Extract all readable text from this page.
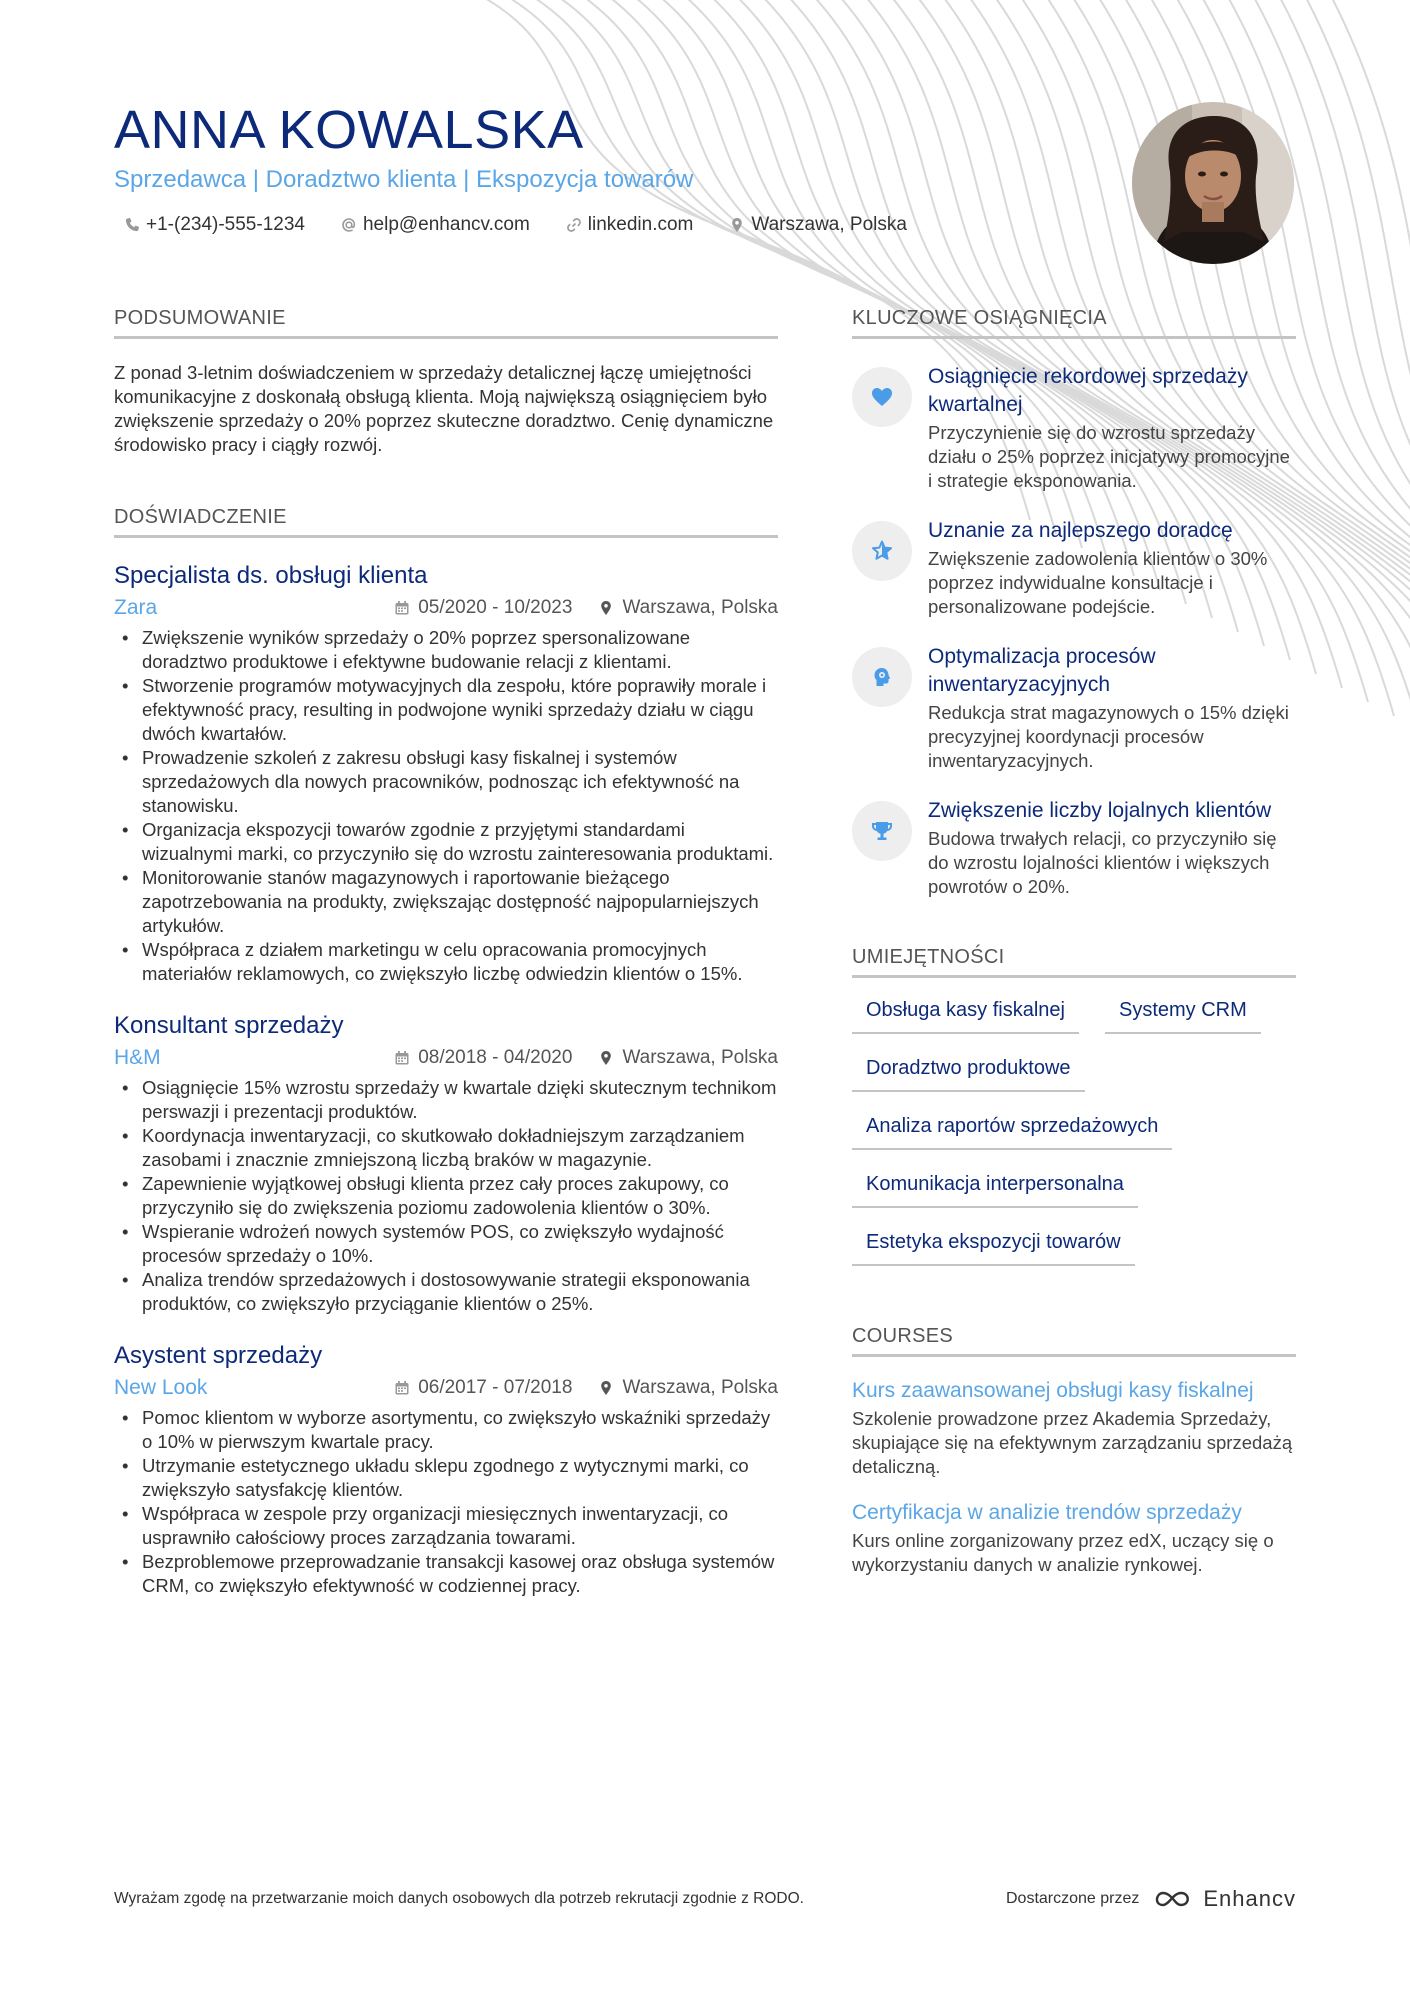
ANNA KOWALSKA
Sprzedawca | Doradztwo klienta | Ekspozycja towarów
+1-(234)-555-1234	help@enhancv.com	linkedin.com	Warszawa, Polska
PODSUMOWANIE

Z ponad 3-letnim doświadczeniem w sprzedaży detalicznej łączę umiejętności komunikacyjne z doskonałą obsługą klienta. Moją największą osiągnięciem było zwiększenie sprzedaży o 20% poprzez skuteczne doradztwo. Cenię dynamiczne środowisko pracy i ciągły rozwój.

DOŚWIADCZENIE
Specjalista ds. obsługi klienta
Zara	05/2020 - 10/2023	Warszawa, Polska
• Zwiększenie wyników sprzedaży o 20% poprzez spersonalizowane doradztwo produktowe i efektywne budowanie relacji z klientami.
• Stworzenie programów motywacyjnych dla zespołu, które poprawiły morale i efektywność pracy, resulting in podwojone wyniki sprzedaży działu w ciągu dwóch kwartałów.
• Prowadzenie szkoleń z zakresu obsługi kasy fiskalnej i systemów sprzedażowych dla nowych pracowników, podnosząc ich efektywność na stanowisku.
• Organizacja ekspozycji towarów zgodnie z przyjętymi standardami wizualnymi marki, co przyczyniło się do wzrostu zainteresowania produktami.
• Monitorowanie stanów magazynowych i raportowanie bieżącego zapotrzebowania na produkty, zwiększając dostępność najpopularniejszych artykułów.
• Współpraca z działem marketingu w celu opracowania promocyjnych materiałów reklamowych, co zwiększyło liczbę odwiedzin klientów o 15%.
Konsultant sprzedaży
H&M	08/2018 - 04/2020	Warszawa, Polska
• Osiągnięcie 15% wzrostu sprzedaży w kwartale dzięki skutecznym technikom perswazji i prezentacji produktów.
• Koordynacja inwentaryzacji, co skutkowało dokładniejszym zarządzaniem zasobami i znacznie zmniejszoną liczbą braków w magazynie.
• Zapewnienie wyjątkowej obsługi klienta przez cały proces zakupowy, co przyczyniło się do zwiększenia poziomu zadowolenia klientów o 30%.
• Wspieranie wdrożeń nowych systemów POS, co zwiększyło wydajność procesów sprzedaży o 10%.
• Analiza trendów sprzedażowych i dostosowywanie strategii eksponowania produktów, co zwiększyło przyciąganie klientów o 25%.
Asystent sprzedaży
New Look	06/2017 - 07/2018	Warszawa, Polska
• Pomoc klientom w wyborze asortymentu, co zwiększyło wskaźniki sprzedaży o 10% w pierwszym kwartale pracy.
• Utrzymanie estetycznego układu sklepu zgodnego z wytycznymi marki, co zwiększyło satysfakcję klientów.
• Współpraca w zespole przy organizacji miesięcznych inwentaryzacji, co usprawniło całościowy proces zarządzania towarami.
• Bezproblemowe przeprowadzanie transakcji kasowej oraz obsługa systemów CRM, co zwiększyło efektywność w codziennej pracy.
KLUCZOWE OSIĄGNIĘCIA
Osiągnięcie rekordowej sprzedaży kwartalnej
Przyczynienie się do wzrostu sprzedaży działu o 25% poprzez inicjatywy promocyjne i strategie eksponowania.
Uznanie za najlepszego doradcę
Zwiększenie zadowolenia klientów o 30% poprzez indywidualne konsultacje i personalizowane podejście.
Optymalizacja procesów inwentaryzacyjnych
Redukcja strat magazynowych o 15% dzięki precyzyjnej koordynacji procesów inwentaryzacyjnych.
Zwiększenie liczby lojalnych klientów
Budowa trwałych relacji, co przyczyniło się do wzrostu lojalności klientów i większych powrotów o 20%.
UMIEJĘTNOŚCI
Obsługa kasy fiskalnej	Systemy CRM
Doradztwo produktowe
Analiza raportów sprzedażowych
Komunikacja interpersonalna
Estetyka ekspozycji towarów
COURSES
Kurs zaawansowanej obsługi kasy fiskalnej
Szkolenie prowadzone przez Akademia Sprzedaży, skupiające się na efektywnym zarządzaniu sprzedażą detaliczną.
Certyfikacja w analizie trendów sprzedaży
Kurs online zorganizowany przez edX, uczący się o wykorzystaniu danych w analizie rynkowej.
Wyrażam zgodę na przetwarzanie moich danych osobowych dla potrzeb rekrutacji zgodnie z RODO.	Dostarczone przez	Enhancv
